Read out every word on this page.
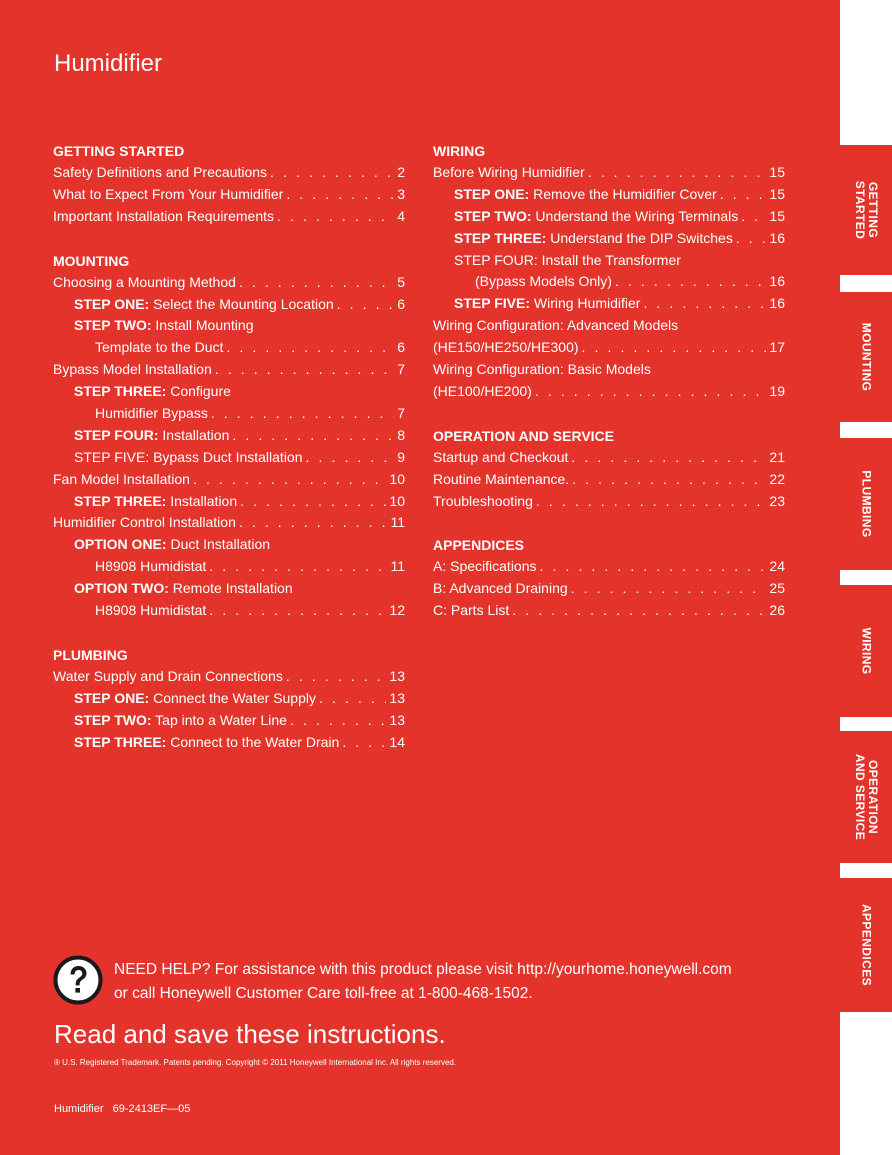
Humidifier
GETTING STARTED
Safety Definitions and Precautions . . .	2
What to Expect From Your Humidifier . . .	3
Important Installation Requirements . . .	4
MOUNTING
Choosing a Mounting Method . . .	5
STEP ONE: Select the Mounting Location . . .	6
STEP TWO: Install Mounting
Template to the Duct . . .	6
Bypass Model Installation . . .	7
STEP THREE: Configure
Humidifier Bypass . . .	7
STEP FOUR: Installation . . .	8
STEP FIVE: Bypass Duct Installation . . .	9
Fan Model Installation . . .	10
STEP THREE: Installation . . .	10
Humidifier Control Installation . . .	11
OPTION ONE: Duct Installation
H8908 Humidistat . . .	11
OPTION TWO: Remote Installation
H8908 Humidistat . . .	12
PLUMBING
Water Supply and Drain Connections . . .	13
STEP ONE: Connect the Water Supply . . .	13
STEP TWO: Tap into a Water Line . . .	13
STEP THREE: Connect to the Water Drain . . .	14
WIRING
Before Wiring Humidifier . . .	15
STEP ONE: Remove the Humidifier Cover . . .	15
STEP TWO: Understand the Wiring Terminals . . . 15
STEP THREE: Understand the DIP Switches . . .	16
STEP FOUR: Install the Transformer
(Bypass Models Only) . . .	16
STEP FIVE: Wiring Humidifier . . .	16
Wiring Configuration: Advanced Models
(HE150/HE250/HE300) . . .	17
Wiring Configuration: Basic Models
(HE100/HE200) . . .	19
OPERATION AND SERVICE
Startup and Checkout . . .	21
Routine Maintenance. . . .	22
Troubleshooting . . .	23
APPENDICES
A: Specifications . . .	24
B: Advanced Draining . . .	25
C: Parts List . . .	26
NEED HELP? For assistance with this product please visit http://yourhome.honeywell.com
or call Honeywell Customer Care toll-free at 1-800-468-1502.
Read and save these instructions.
® U.S. Registered Trademark. Patents pending. Copyright © 2011 Honeywell International Inc. All rights reserved.
Humidifier   69-2413EF—05
GETTING
STARTED
MOUNTING
PLUMBING
WIRING
OPERATION
AND SERVICE
APPENDICES
